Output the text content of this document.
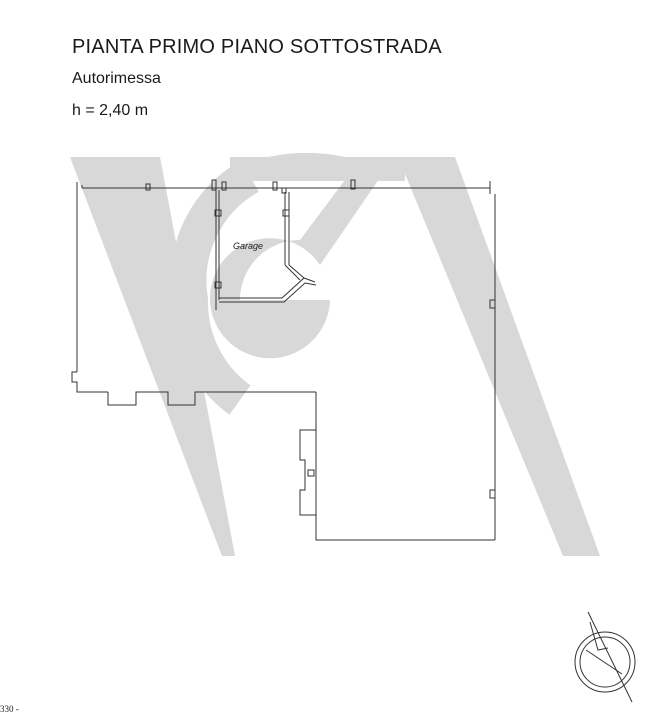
PIANTA PRIMO PIANO SOTTOSTRADA
Autorimessa
h = 2,40 m
Garage
330 -
